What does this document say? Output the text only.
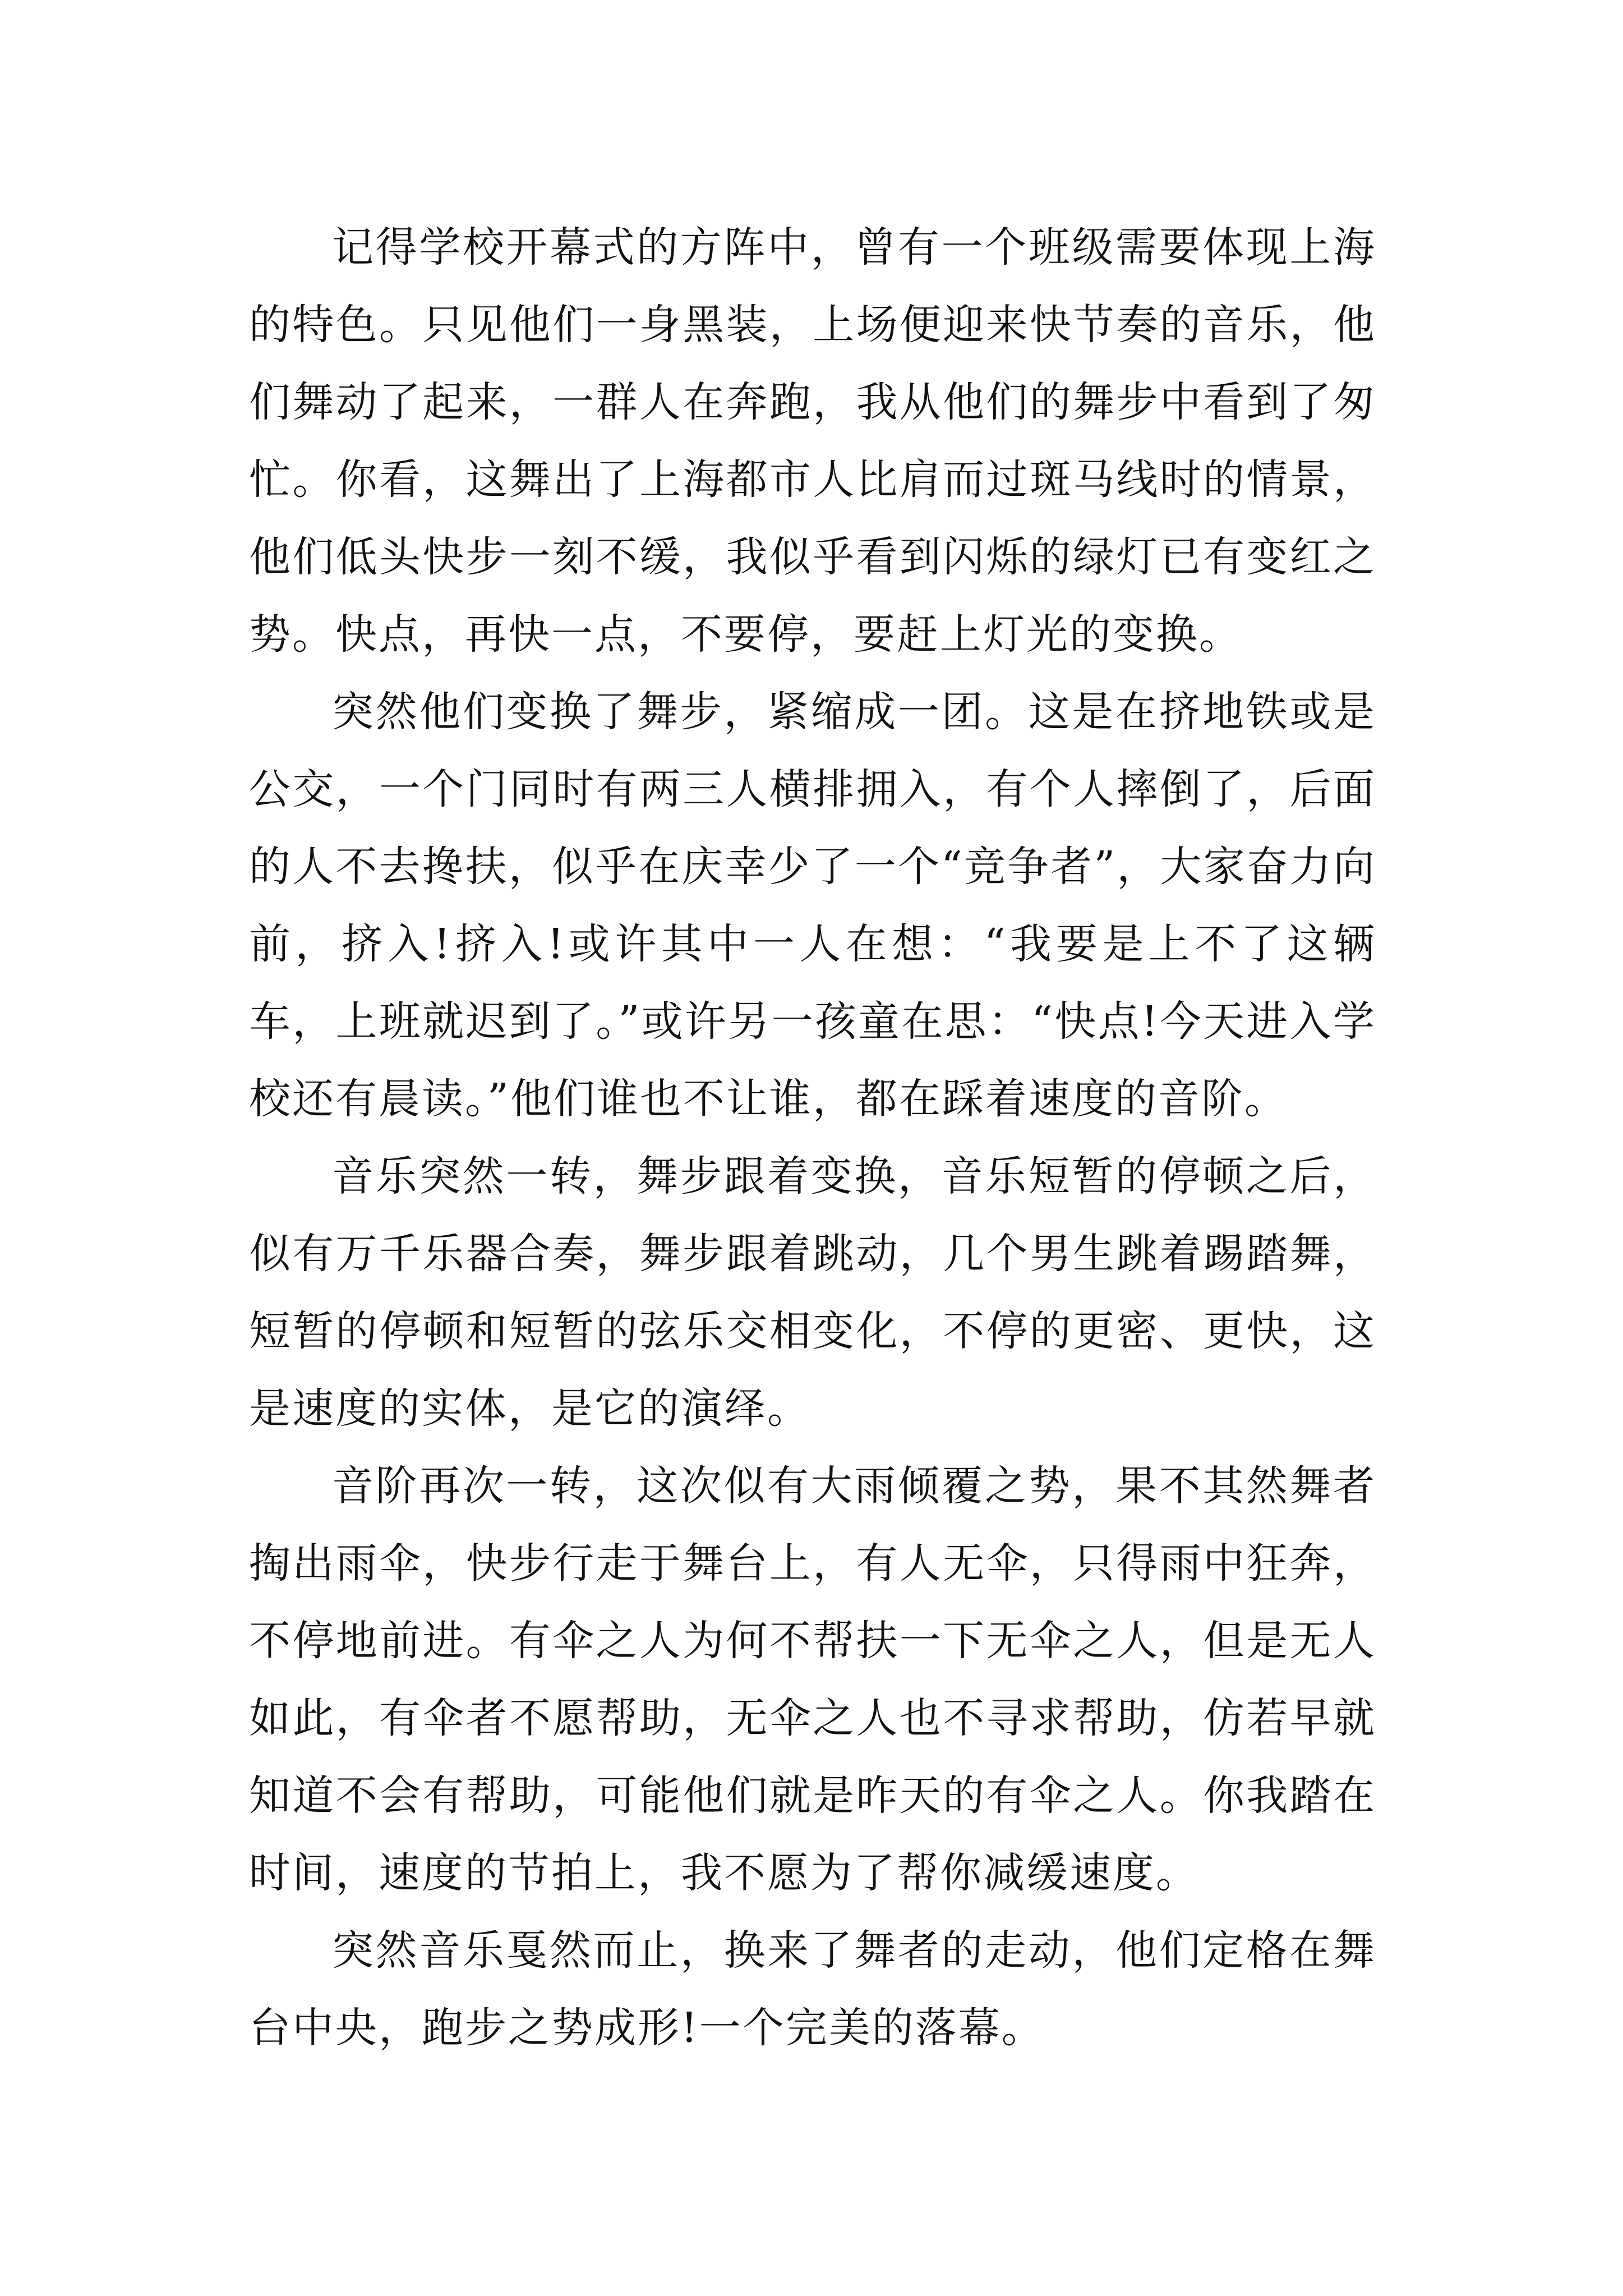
记得学校开幕式的方阵中，曾有一个班级需要体现上海的特色。只见他们一身黑装，上场便迎来快节奏的音乐，他们舞动了起来，一群人在奔跑，我从他们的舞步中看到了匆忙。你看，这舞出了上海都市人比肩而过斑马线时的情景，他们低头快步一刻不缓，我似乎看到闪烁的绿灯已有变红之势。快点，再快一点，不要停，要赶上灯光的变换。

突然他们变换了舞步，紧缩成一团。这是在挤地铁或是公交，一个门同时有两三人横排拥入，有个人摔倒了，后面的人不去搀扶，似乎在庆幸少了一个“竞争者”，大家奋力向前，挤入!挤入!或许其中一人在想：“我要是上不了这辆车，上班就迟到了。”或许另一孩童在思：“快点!今天进入学校还有晨读。”他们谁也不让谁，都在踩着速度的音阶。

音乐突然一转，舞步跟着变换，音乐短暂的停顿之后，似有万千乐器合奏，舞步跟着跳动，几个男生跳着踢踏舞，短暂的停顿和短暂的弦乐交相变化，不停的更密、更快，这是速度的实体，是它的演绎。

音阶再次一转，这次似有大雨倾覆之势，果不其然舞者掏出雨伞，快步行走于舞台上，有人无伞，只得雨中狂奔，不停地前进。有伞之人为何不帮扶一下无伞之人，但是无人如此，有伞者不愿帮助，无伞之人也不寻求帮助，仿若早就知道不会有帮助，可能他们就是昨天的有伞之人。你我踏在时间，速度的节拍上，我不愿为了帮你减缓速度。

突然音乐戛然而止，换来了舞者的走动，他们定格在舞台中央，跑步之势成形!一个完美的落幕。
